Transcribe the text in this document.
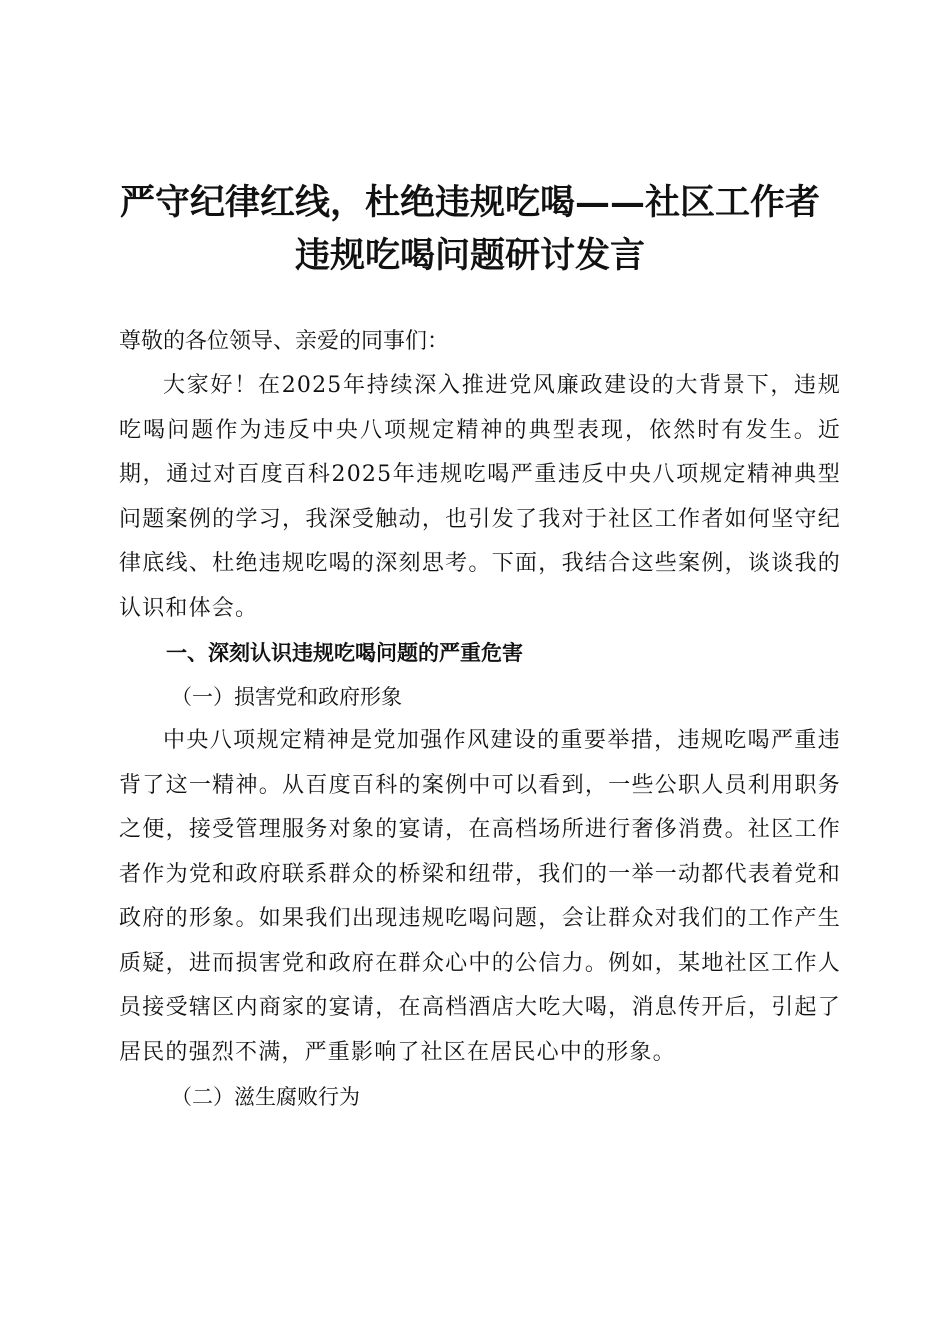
严守纪律红线，杜绝违规吃喝——社区工作者
违规吃喝问题研讨发言

尊敬的各位领导、亲爱的同事们：

大家好！在2025年持续深入推进党风廉政建设的大背景下，违规吃喝问题作为违反中央八项规定精神的典型表现，依然时有发生。近期，通过对百度百科2025年违规吃喝严重违反中央八项规定精神典型问题案例的学习，我深受触动，也引发了我对于社区工作者如何坚守纪律底线、杜绝违规吃喝的深刻思考。下面，我结合这些案例，谈谈我的认识和体会。

一、深刻认识违规吃喝问题的严重危害

（一）损害党和政府形象

中央八项规定精神是党加强作风建设的重要举措，违规吃喝严重违背了这一精神。从百度百科的案例中可以看到，一些公职人员利用职务之便，接受管理服务对象的宴请，在高档场所进行奢侈消费。社区工作者作为党和政府联系群众的桥梁和纽带，我们的一举一动都代表着党和政府的形象。如果我们出现违规吃喝问题，会让群众对我们的工作产生质疑，进而损害党和政府在群众心中的公信力。例如，某地社区工作人员接受辖区内商家的宴请，在高档酒店大吃大喝，消息传开后，引起了居民的强烈不满，严重影响了社区在居民心中的形象。

（二）滋生腐败行为
